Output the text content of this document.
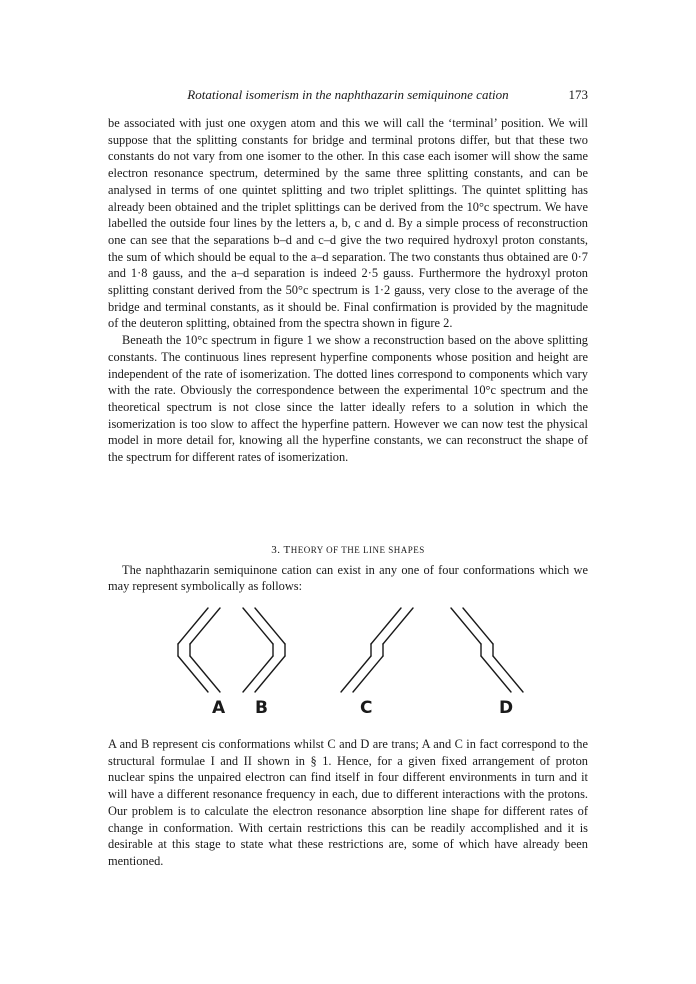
Rotational isomerism in the naphthazarin semiquinone cation	173

be associated with just one oxygen atom and this we will call the ‘terminal’ position. We will suppose that the splitting constants for bridge and terminal protons differ, but that these two constants do not vary from one isomer to the other. In this case each isomer will show the same electron resonance spectrum, determined by the same three splitting constants, and can be analysed in terms of one quintet splitting and two triplet splittings. The quintet splitting has already been obtained and the triplet splittings can be derived from the 10°c spectrum. We have labelled the outside four lines by the letters a, b, c and d. By a simple process of reconstruction one can see that the separations b–d and c–d give the two required hydroxyl proton constants, the sum of which should be equal to the a–d separation. The two constants thus obtained are 0·7 and 1·8 gauss, and the a–d separation is indeed 2·5 gauss. Furthermore the hydroxyl proton splitting constant derived from the 50°c spectrum is 1·2 gauss, very close to the average of the bridge and terminal constants, as it should be. Final confirmation is provided by the magnitude of the deuteron splitting, obtained from the spectra shown in figure 2.

Beneath the 10°c spectrum in figure 1 we show a reconstruction based on the above splitting constants. The continuous lines represent hyperfine components whose position and height are independent of the rate of isomerization. The dotted lines correspond to components which vary with the rate. Obviously the correspondence between the experimental 10°c spectrum and the theoretical spectrum is not close since the latter ideally refers to a solution in which the isomerization is too slow to affect the hyperfine pattern. However we can now test the physical model in more detail for, knowing all the hyperfine constants, we can reconstruct the shape of the spectrum for different rates of isomerization.

3. THEORY OF THE LINE SHAPES

The naphthazarin semiquinone cation can exist in any one of four conformations which we may represent symbolically as follows:

A B	C	D

A and B represent cis conformations whilst C and D are trans; A and C in fact correspond to the structural formulae I and II shown in § 1. Hence, for a given fixed arrangement of proton nuclear spins the unpaired electron can find itself in four different environments in turn and it will have a different resonance frequency in each, due to different interactions with the protons. Our problem is to calculate the electron resonance absorption line shape for different rates of change in conformation. With certain restrictions this can be readily accomplished and it is desirable at this stage to state what these restrictions are, some of which have already been mentioned.
